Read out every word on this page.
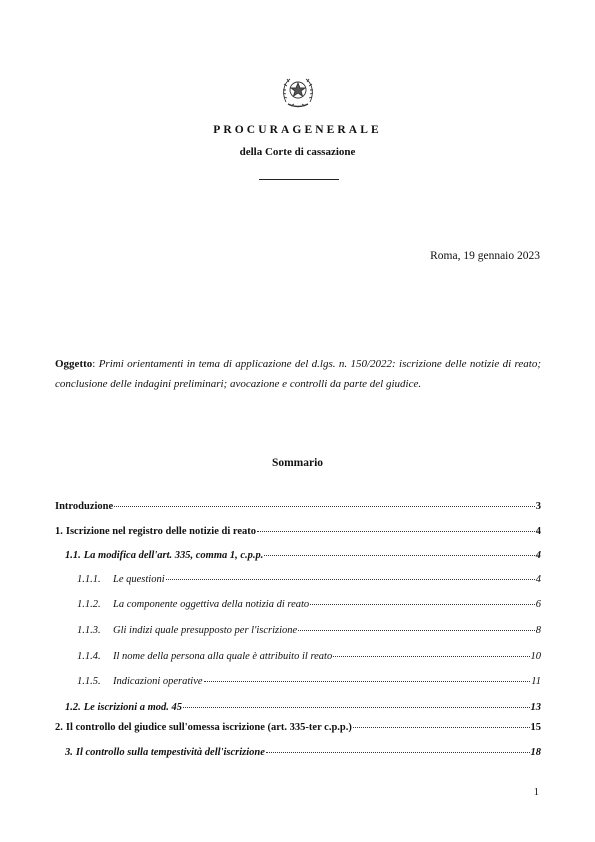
PROCURAGENERALE
della Corte di cassazione
Roma, 19 gennaio 2023
Oggetto: Primi orientamenti in tema di applicazione del d.lgs. n. 150/2022: iscrizione delle notizie di reato; conclusione delle indagini preliminari; avocazione e controlli da parte del giudice.
Sommario
Introduzione	3
1. Iscrizione nel registro delle notizie di reato	4
1.1. La modifica dell'art. 335, comma 1, c.p.p.	4
1.1.1.	Le questioni	4
1.1.2.	La componente oggettiva della notizia di reato	6
1.1.3.	Gli indizi quale presupposto per l'iscrizione	8
1.1.4.	Il nome della persona alla quale è attribuito il reato	10
1.1.5.	Indicazioni operative	11
1.2. Le iscrizioni a mod. 45	13
2. Il controllo del giudice sull'omessa iscrizione (art. 335-ter c.p.p.)	15
3. Il controllo sulla tempestività dell'iscrizione	18
1
